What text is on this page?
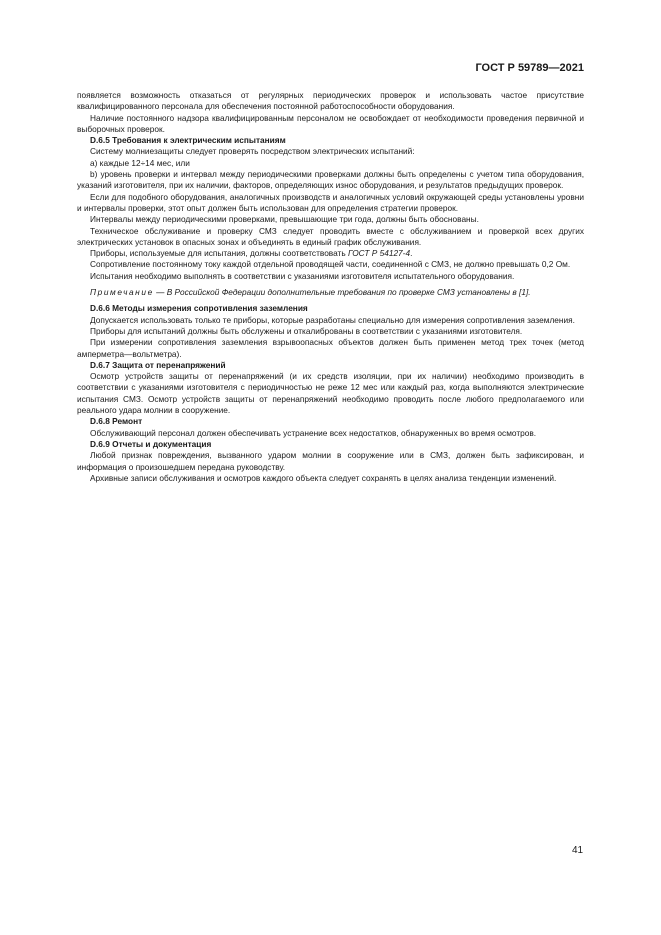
ГОСТ Р 59789—2021

появляется возможность отказаться от регулярных периодических проверок и использовать частое присутствие квалифицированного персонала для обеспечения постоянной работоспособности оборудования.

Наличие постоянного надзора квалифицированным персоналом не освобождает от необходимости проведения первичной и выборочных проверок.

D.6.5 Требования к электрическим испытаниям

Систему молниезащиты следует проверять посредством электрических испытаний:

a) каждые 12÷14 мес, или

b) уровень проверки и интервал между периодическими проверками должны быть определены с учетом типа оборудования, указаний изготовителя, при их наличии, факторов, определяющих износ оборудования, и результатов предыдущих проверок.

Если для подобного оборудования, аналогичных производств и аналогичных условий окружающей среды установлены уровни и интервалы проверки, этот опыт должен быть использован для определения стратегии проверок.

Интервалы между периодическими проверками, превышающие три года, должны быть обоснованы.

Техническое обслуживание и проверку СМЗ следует проводить вместе с обслуживанием и проверкой всех других электрических установок в опасных зонах и объединять в единый график обслуживания.

Приборы, используемые для испытания, должны соответствовать ГОСТ Р 54127-4.

Сопротивление постоянному току каждой отдельной проводящей части, соединенной с СМЗ, не должно превышать 0,2 Ом.

Испытания необходимо выполнять в соответствии с указаниями изготовителя испытательного оборудования.

Примечание — В Российской Федерации дополнительные требования по проверке СМЗ установлены в [1].

D.6.6 Методы измерения сопротивления заземления

Допускается использовать только те приборы, которые разработаны специально для измерения сопротивления заземления.

Приборы для испытаний должны быть обслужены и откалиброваны в соответствии с указаниями изготовителя.

При измерении сопротивления заземления взрывоопасных объектов должен быть применен метод трех точек (метод амперметра—вольтметра).

D.6.7 Защита от перенапряжений

Осмотр устройств защиты от перенапряжений (и их средств изоляции, при их наличии) необходимо производить в соответствии с указаниями изготовителя с периодичностью не реже 12 мес или каждый раз, когда выполняются электрические испытания СМЗ. Осмотр устройств защиты от перенапряжений необходимо проводить после любого предполагаемого или реального удара молнии в сооружение.

D.6.8 Ремонт

Обслуживающий персонал должен обеспечивать устранение всех недостатков, обнаруженных во время осмотров.

D.6.9 Отчеты и документация

Любой признак повреждения, вызванного ударом молнии в сооружение или в СМЗ, должен быть зафиксирован, и информация о произошедшем передана руководству.

Архивные записи обслуживания и осмотров каждого объекта следует сохранять в целях анализа тенденции изменений.

41
